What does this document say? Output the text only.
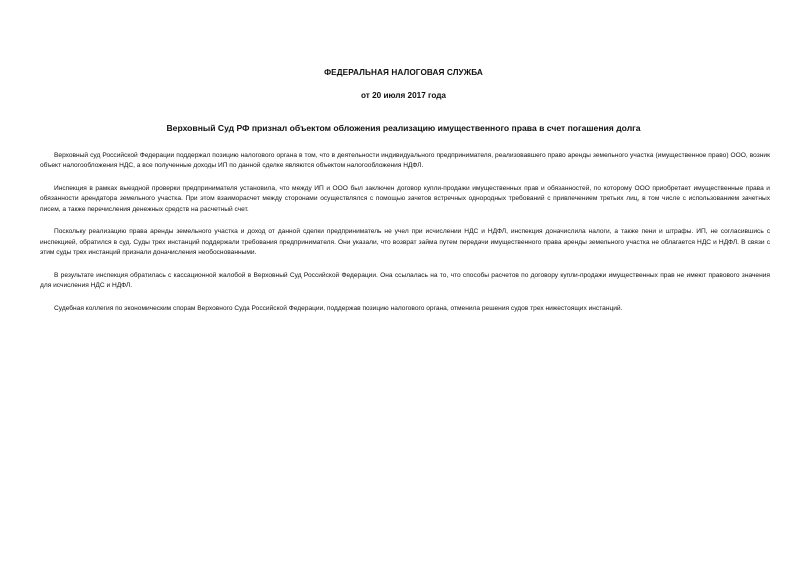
ФЕДЕРАЛЬНАЯ НАЛОГОВАЯ СЛУЖБА
от 20 июля 2017 года
Верховный Суд РФ признал объектом обложения реализацию имущественного права в счет погашения долга

Верховный суд Российской Федерации поддержал позицию налогового органа в том, что в деятельности индивидуального предпринимателя, реализовавшего право аренды земельного участка (имущественное право) ООО, возник объект налогообложения НДС, а все полученные доходы ИП по данной сделке являются объектом налогообложения НДФЛ.

Инспекция в рамках выездной проверки предпринимателя установила, что между ИП и ООО был заключен договор купли-продажи имущественных прав и обязанностей, по которому ООО приобретает имущественные права и обязанности арендатора земельного участка. При этом взаиморасчет между сторонами осуществлялся с помощью зачетов встречных однородных требований с привлечением третьих лиц, в том числе с использованием зачетных писем, а также перечисления денежных средств на расчетный счет.

Поскольку реализацию права аренды земельного участка и доход от данной сделки предприниматель не учел при исчислении НДС и НДФЛ, инспекция доначислила налоги, а также пени и штрафы. ИП, не согласившись с инспекцией, обратился в суд. Суды трех инстанций поддержали требования предпринимателя. Они указали, что возврат займа путем передачи имущественного права аренды земельного участка не облагается НДС и НДФЛ. В связи с этим суды трех инстанций признали доначисления необоснованными.

В результате инспекция обратилась с кассационной жалобой в Верховный Суд Российской Федерации. Она ссылалась на то, что способы расчетов по договору купли-продажи имущественных прав не имеют правового значения для исчисления НДС и НДФЛ.

Судебная коллегия по экономическим спорам Верховного Суда Российской Федерации, поддержав позицию налогового органа, отменила решения судов трех нижестоящих инстанций.
